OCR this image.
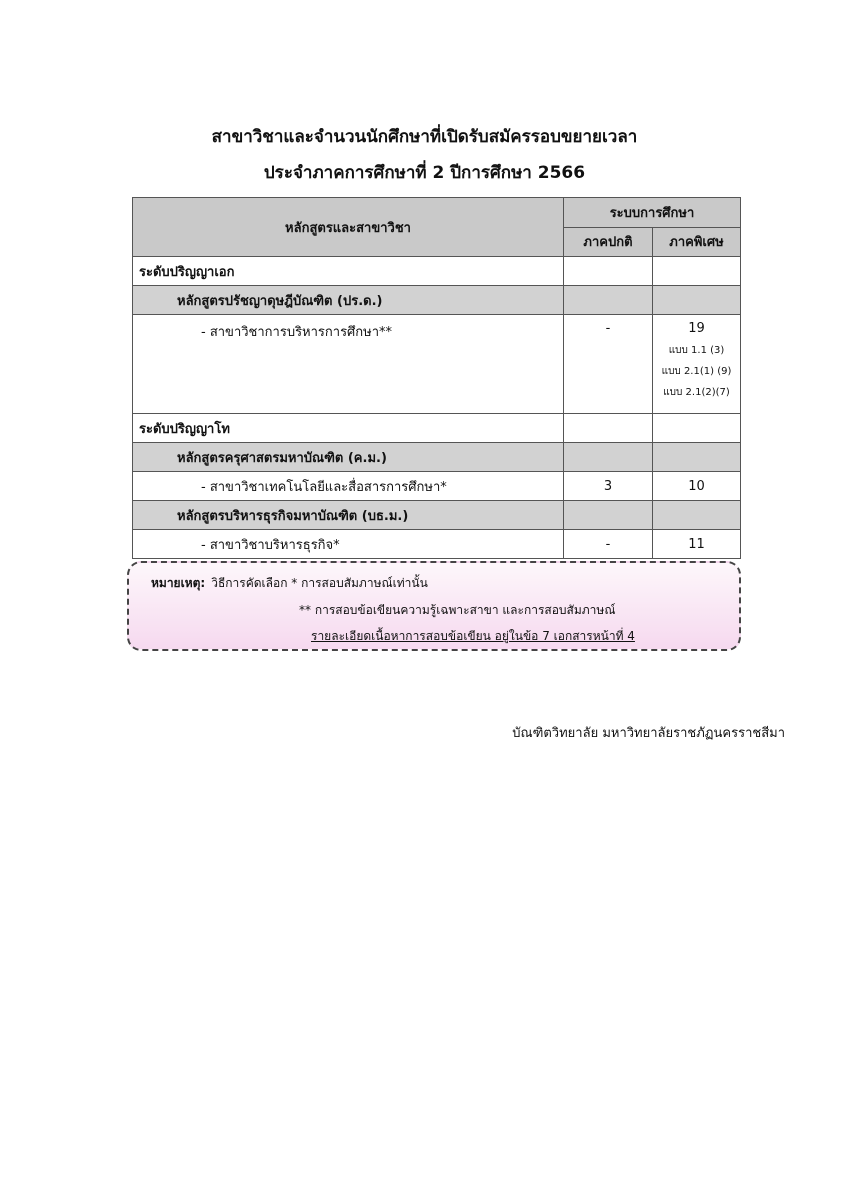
สาขาวิชาและจำนวนนักศึกษาที่เปิดรับสมัครรอบขยายเวลา
ประจำภาคการศึกษาที่ 2 ปีการศึกษา 2566
หลักสูตรและสาขาวิชา	ระบบการศึกษา	
	ภาคปกติ	ภาคพิเศษ
ระดับปริญญาเอก		
หลักสูตรปรัชญาดุษฎีบัณฑิต (ปร.ด.)		
- สาขาวิชาการบริหารการศึกษา**	-	19
แบบ 1.1 (3)
แบบ 2.1(1) (9)
แบบ 2.1(2)(7)

ระดับปริญญาโท		
หลักสูตรครุศาสตรมหาบัณฑิต (ค.ม.)		
- สาขาวิชาเทคโนโลยีและสื่อสารการศึกษา*	3	10
หลักสูตรบริหารธุรกิจมหาบัณฑิต (บธ.ม.)		
- สาขาวิชาบริหารธุรกิจ*	-	11
หมายเหตุ: วิธีการคัดเลือก * การสอบสัมภาษณ์เท่านั้น
** การสอบข้อเขียนความรู้เฉพาะสาขา และการสอบสัมภาษณ์
รายละเอียดเนื้อหาการสอบข้อเขียน อยู่ในข้อ 7 เอกสารหน้าที่ 4
บัณฑิตวิทยาลัย มหาวิทยาลัยราชภัฏนครราชสีมา
